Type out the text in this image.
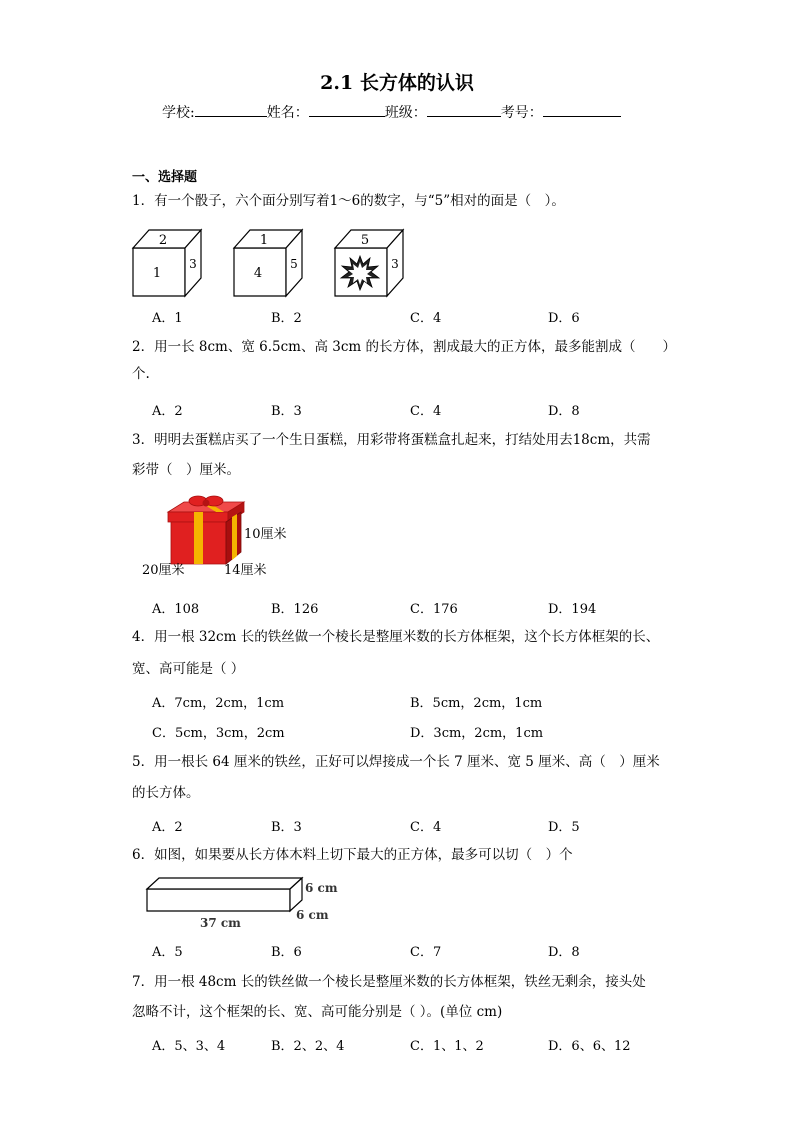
2.1 长方体的认识
学校:	姓名：	班级：	考号：
一、选择题
1．有一个骰子，六个面分别写着1～6的数字，与“5”相对的面是（　）。
2
1
3
1
4
5
5
3
A．1	B．2	C．4	D．6
2．用一长 8cm、宽 6.5cm、高 3cm 的长方体，割成最大的正方体，最多能割成（　　）
个.
A．2	B．3	C．4	D．8
3．明明去蛋糕店买了一个生日蛋糕，用彩带将蛋糕盒扎起来，打结处用去18cm，共需
彩带（　）厘米。
10厘米
20厘米	14厘米
A．108	B．126	C．176	D．194
4．用一根 32cm 长的铁丝做一个棱长是整厘米数的长方体框架，这个长方体框架的长、
宽、高可能是（ ）
A．7cm，2cm，1cm	B．5cm，2cm，1cm
C．5cm，3cm，2cm	D．3cm，2cm，1cm
5．用一根长 64 厘米的铁丝，正好可以焊接成一个长 7 厘米、宽 5 厘米、高（　）厘米
的长方体。
A．2	B．3	C．4	D．5
6．如图，如果要从长方体木料上切下最大的正方体，最多可以切（　）个
6 cm
6 cm
37 cm
A．5	B．6	C．7	D．8
7．用一根 48cm 长的铁丝做一个棱长是整厘米数的长方体框架，铁丝无剩余，接头处
忽略不计，这个框架的长、宽、高可能分别是（ ）。(单位 cm)
A．5、3、4	B．2、2、4	C．1、1、2	D．6、6、12
